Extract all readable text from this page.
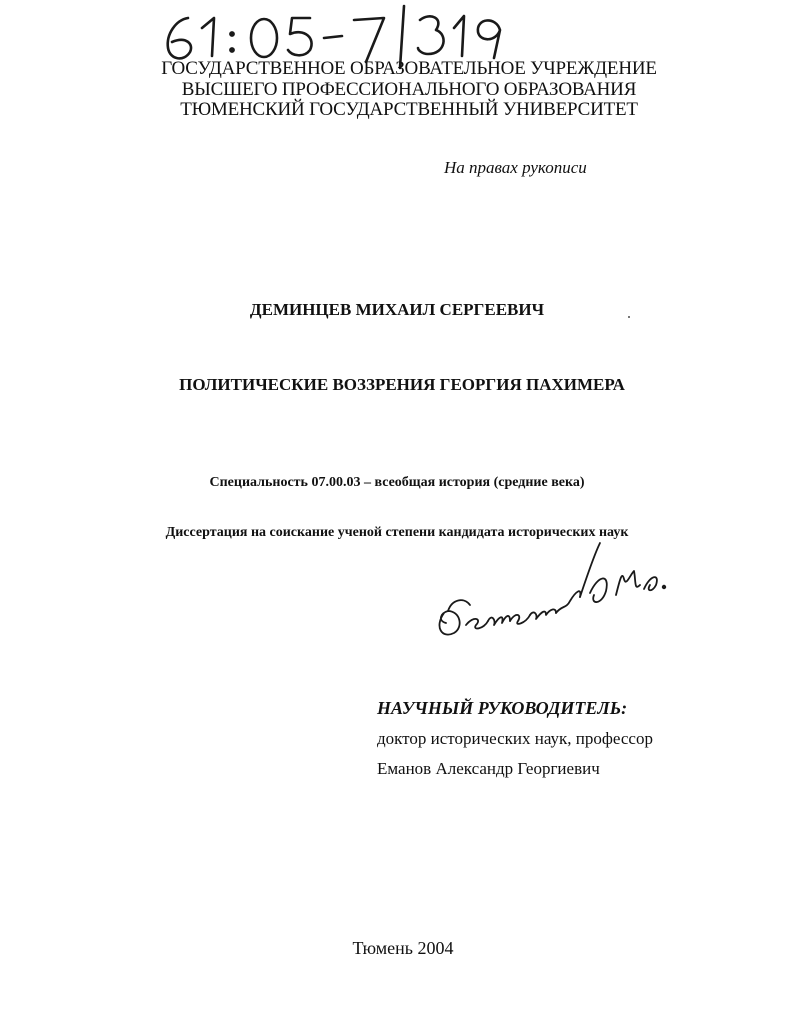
ГОСУДАРСТВЕННОЕ ОБРАЗОВАТЕЛЬНОЕ УЧРЕЖДЕНИЕ
ВЫСШЕГО ПРОФЕССИОНАЛЬНОГО ОБРАЗОВАНИЯ
ТЮМЕНСКИЙ ГОСУДАРСТВЕННЫЙ УНИВЕРСИТЕТ
На правах рукописи
ДЕМИНЦЕВ МИХАИЛ СЕРГЕЕВИЧ
ПОЛИТИЧЕСКИЕ ВОЗЗРЕНИЯ ГЕОРГИЯ ПАХИМЕРА
Специальность 07.00.03 – всеобщая история (средние века)
Диссертация на соискание ученой степени кандидата исторических наук
НАУЧНЫЙ РУКОВОДИТЕЛЬ:
доктор исторических наук, профессор
Еманов Александр Георгиевич
Тюмень 2004
